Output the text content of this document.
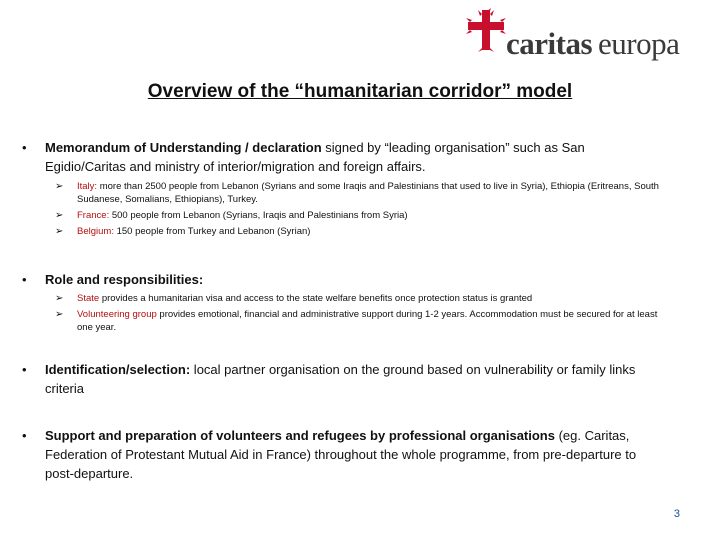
caritas europa
Overview of the “humanitarian corridor” model
• Memorandum of Understanding / declaration signed by “leading organisation” such as San Egidio/Caritas and ministry of interior/migration and foreign affairs.
➢ Italy: more than 2500 people from Lebanon (Syrians and some Iraqis and Palestinians that used to live in Syria), Ethiopia (Eritreans, South Sudanese, Somalians, Ethiopians), Turkey.
➢ France: 500 people from Lebanon (Syrians, Iraqis and Palestinians from Syria)
➢ Belgium: 150 people from Turkey and Lebanon (Syrian)
• Role and responsibilities:
➢ State provides a humanitarian visa and access to the state welfare benefits once protection status is granted
➢ Volunteering group provides emotional, financial and administrative support during 1-2 years. Accommodation must be secured for at least one year.
• Identification/selection: local partner organisation on the ground based on vulnerability or family links criteria
• Support and preparation of volunteers and refugees by professional organisations (eg. Caritas, Federation of Protestant Mutual Aid in France) throughout the whole programme, from pre-departure to post-departure.
3
